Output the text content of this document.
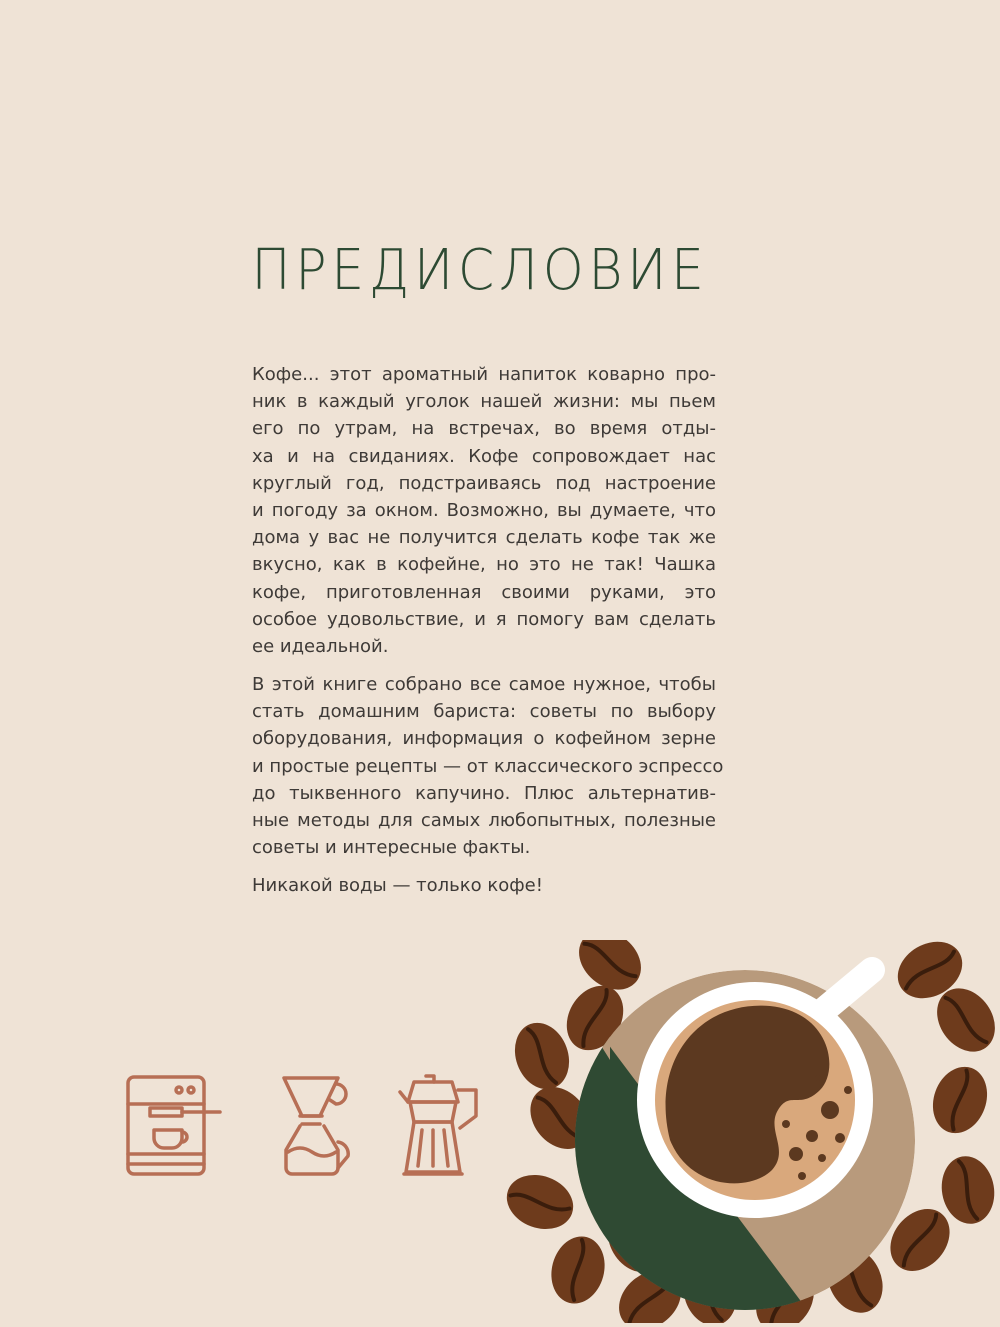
ПРЕДИСЛОВИЕ

Кофе... этот ароматный напиток коварно про-
ник в каждый уголок нашей жизни: мы пьем
его по утрам, на встречах, во время отды-
ха и на свиданиях. Кофе сопровождает нас
круглый год, подстраиваясь под настроение
и погоду за окном. Возможно, вы думаете, что
дома у вас не получится сделать кофе так же
вкусно, как в кофейне, но это не так! Чашка
кофе, приготовленная своими руками, это
особое удовольствие, и я помогу вам сделать
ее идеальной.

В этой книге собрано все самое нужное, чтобы
стать домашним бариста: советы по выбору
оборудования, информация о кофейном зерне
и простые рецепты — от классического эспрессо
до тыквенного капучино. Плюс альтернатив-
ные методы для самых любопытных, полезные
советы и интересные факты.

Никакой воды — только кофе!
